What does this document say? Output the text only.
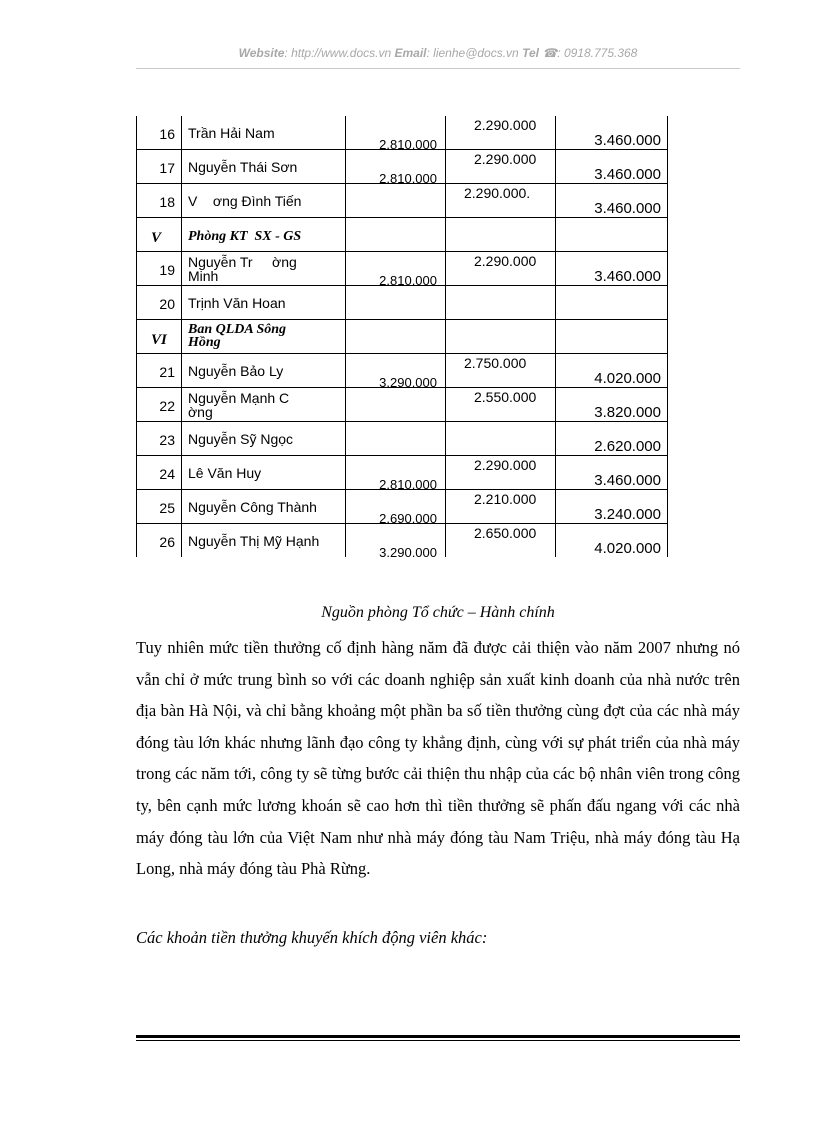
Website: http://www.docs.vn Email: lienhe@docs.vn Tel ☎: 0918.775.368
16	Trần Hải Nam	2.810.000	2.290.000	3.460.000

17	Nguyễn Thái Sơn	2.810.000	2.290.000	3.460.000

18	V    ơng Đình Tiến		2.290.000.	3.460.000

V	Phòng KT  SX - GS			

19	Nguyễn Tr     ờng Minh	2.810.000	2.290.000	3.460.000

20	Trịnh Văn Hoan			

VI	Ban QLDA Sông Hồng			

21	Nguyễn Bảo Ly	3.290.000	2.750.000	4.020.000

22	Nguyễn Mạnh C    ờng		2.550.000	3.820.000

23	Nguyễn Sỹ Ngọc			2.620.000

24	Lê Văn Huy	2.810.000	2.290.000	3.460.000

25	Nguyễn Công Thành	2.690.000	2.210.000	3.240.000

26	Nguyễn Thị Mỹ Hạnh	3.290.000	2.650.000	4.020.000
Nguồn phòng Tổ chức – Hành chính

Tuy nhiên mức tiền thưởng cố định hàng năm đã được cải thiện vào năm 2007 nhưng nó vẫn chỉ ở mức trung bình so với các doanh nghiệp sản xuất kinh doanh của nhà nước trên địa bàn Hà Nội, và chỉ bằng khoảng một phần ba số tiền thưởng cùng đợt của các nhà máy đóng tàu lớn khác nhưng lãnh đạo công ty khẳng định, cùng với sự phát triển của nhà máy trong các năm tới, công ty sẽ từng bước cải thiện thu nhập của các bộ nhân viên trong công ty, bên cạnh mức lương khoán sẽ cao hơn thì tiền thưởng sẽ phấn đấu ngang với các nhà máy đóng tàu lớn của Việt Nam như nhà máy đóng tàu Nam Triệu, nhà máy đóng tàu Hạ Long, nhà máy đóng tàu Phà Rừng.

Các khoản tiền thưởng khuyến khích động viên khác:
